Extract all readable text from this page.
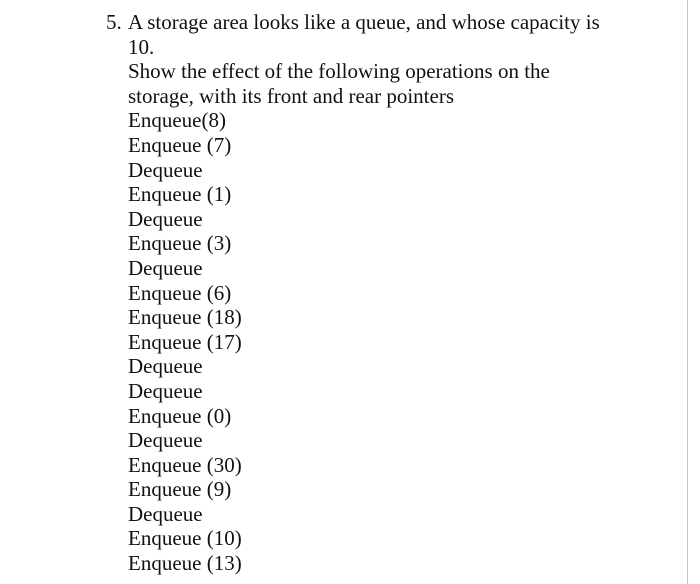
5. A storage area looks like a queue, and whose capacity is
10.
Show the effect of the following operations on the
storage, with its front and rear pointers
Enqueue(8)
Enqueue (7)
Dequeue
Enqueue (1)
Dequeue
Enqueue (3)
Dequeue
Enqueue (6)
Enqueue (18)
Enqueue (17)
Dequeue
Dequeue
Enqueue (0)
Dequeue
Enqueue (30)
Enqueue (9)
Dequeue
Enqueue (10)
Enqueue (13)
